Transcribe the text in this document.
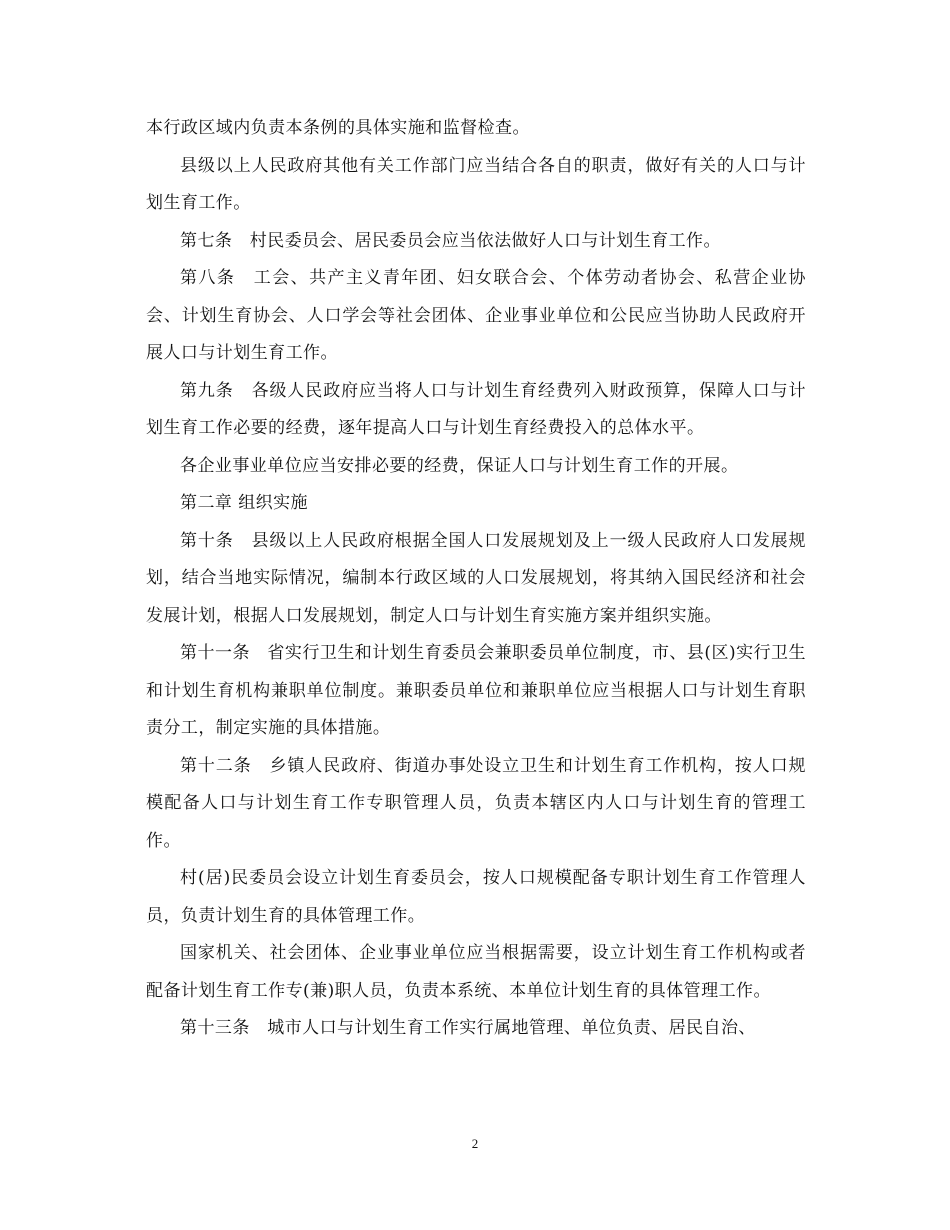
本行政区域内负责本条例的具体实施和监督检查。

县级以上人民政府其他有关工作部门应当结合各自的职责，做好有关的人口与计划生育工作。

第七条　村民委员会、居民委员会应当依法做好人口与计划生育工作。

第八条　工会、共产主义青年团、妇女联合会、个体劳动者协会、私营企业协会、计划生育协会、人口学会等社会团体、企业事业单位和公民应当协助人民政府开展人口与计划生育工作。

第九条　各级人民政府应当将人口与计划生育经费列入财政预算，保障人口与计划生育工作必要的经费，逐年提高人口与计划生育经费投入的总体水平。

各企业事业单位应当安排必要的经费，保证人口与计划生育工作的开展。

第二章 组织实施

第十条　县级以上人民政府根据全国人口发展规划及上一级人民政府人口发展规划，结合当地实际情况，编制本行政区域的人口发展规划，将其纳入国民经济和社会发展计划，根据人口发展规划，制定人口与计划生育实施方案并组织实施。

第十一条　省实行卫生和计划生育委员会兼职委员单位制度，市、县(区)实行卫生和计划生育机构兼职单位制度。兼职委员单位和兼职单位应当根据人口与计划生育职责分工，制定实施的具体措施。

第十二条　乡镇人民政府、街道办事处设立卫生和计划生育工作机构，按人口规模配备人口与计划生育工作专职管理人员，负责本辖区内人口与计划生育的管理工作。

村(居)民委员会设立计划生育委员会，按人口规模配备专职计划生育工作管理人员，负责计划生育的具体管理工作。

国家机关、社会团体、企业事业单位应当根据需要，设立计划生育工作机构或者配备计划生育工作专(兼)职人员，负责本系统、本单位计划生育的具体管理工作。

第十三条　城市人口与计划生育工作实行属地管理、单位负责、居民自治、

2
